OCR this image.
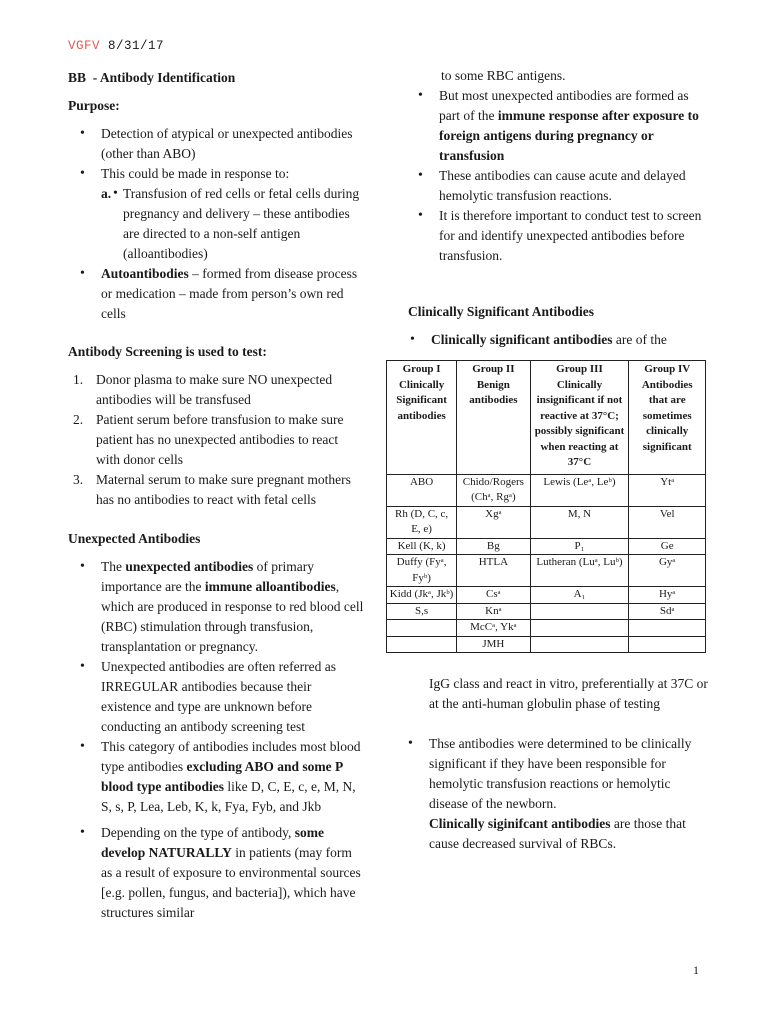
VGFV 8/31/17
BB  - Antibody Identification
Purpose:
• Detection of atypical or unexpected antibodies (other than ABO)
• This could be made in response to:
• a. Transfusion of red cells or fetal cells during pregnancy and delivery – these antibodies are directed to a non-self antigen (alloantibodies)
• Autoantibodies – formed from disease process or medication – made from person’s own red cells
Antibody Screening is used to test:
1. Donor plasma to make sure NO unexpected antibodies will be transfused
2. Patient serum before transfusion to make sure patient has no unexpected antibodies to react with donor cells
3. Maternal serum to make sure pregnant mothers has no antibodies to react with fetal cells
Unexpected Antibodies
• The unexpected antibodies of primary importance are the immune alloantibodies, which are produced in response to red blood cell (RBC) stimulation through transfusion, transplantation or pregnancy.
• Unexpected antibodies are often referred as IRREGULAR antibodies because their existence and type are unknown before conducting an antibody screening test
• This category of antibodies includes most blood type antibodies excluding ABO and some P blood type antibodies like D, C, E, c, e, M, N, S, s, P, Lea, Leb, K, k, Fya, Fyb, and Jkb
• Depending on the type of antibody, some develop NATURALLY in patients (may form as a result of exposure to environmental sources [e.g. pollen, fungus, and bacteria]), which have structures similar
to some RBC antigens.
• But most unexpected antibodies are formed as part of the immune response after exposure to foreign antigens during pregnancy or transfusion
• These antibodies can cause acute and delayed hemolytic transfusion reactions.
• It is therefore important to conduct test to screen for and identify unexpected antibodies before transfusion.
Clinically Significant Antibodies
• Clinically significant antibodies are of the
Group I Clinically Significant antibodies	Group II Benign antibodies	Group III Clinically insignificant if not reactive at 37°C; possibly significant when reacting at 37°C	Group IV Antibodies that are sometimes clinically significant
ABO	Chido/Rogers (Chᵃ, Rgᵃ)	Lewis (Leᵃ, Leᵇ)	Ytᵃ
Rh (D, C, c, E, e)	Xgᵃ	M, N	Vel
Kell (K, k)	Bg	P₁	Ge
Duffy (Fyᵃ, Fyᵇ)	HTLA	Lutheran (Luᵃ, Luᵇ)	Gyᵃ
Kidd (Jkᵃ, Jkᵇ)	Csᵃ	A₁	Hyᵃ
S,s	Knᵃ		Sdᵃ
	McCᵃ, Ykᵃ		
	JMH		
IgG class and react in vitro, preferentially at 37C or at the anti-human globulin phase of testing
• Thse antibodies were determined to be clinically significant if they have been responsible for hemolytic transfusion reactions or hemolytic disease of the newborn.
Clinically siginifcant antibodies are those that cause decreased survival of RBCs.
1
